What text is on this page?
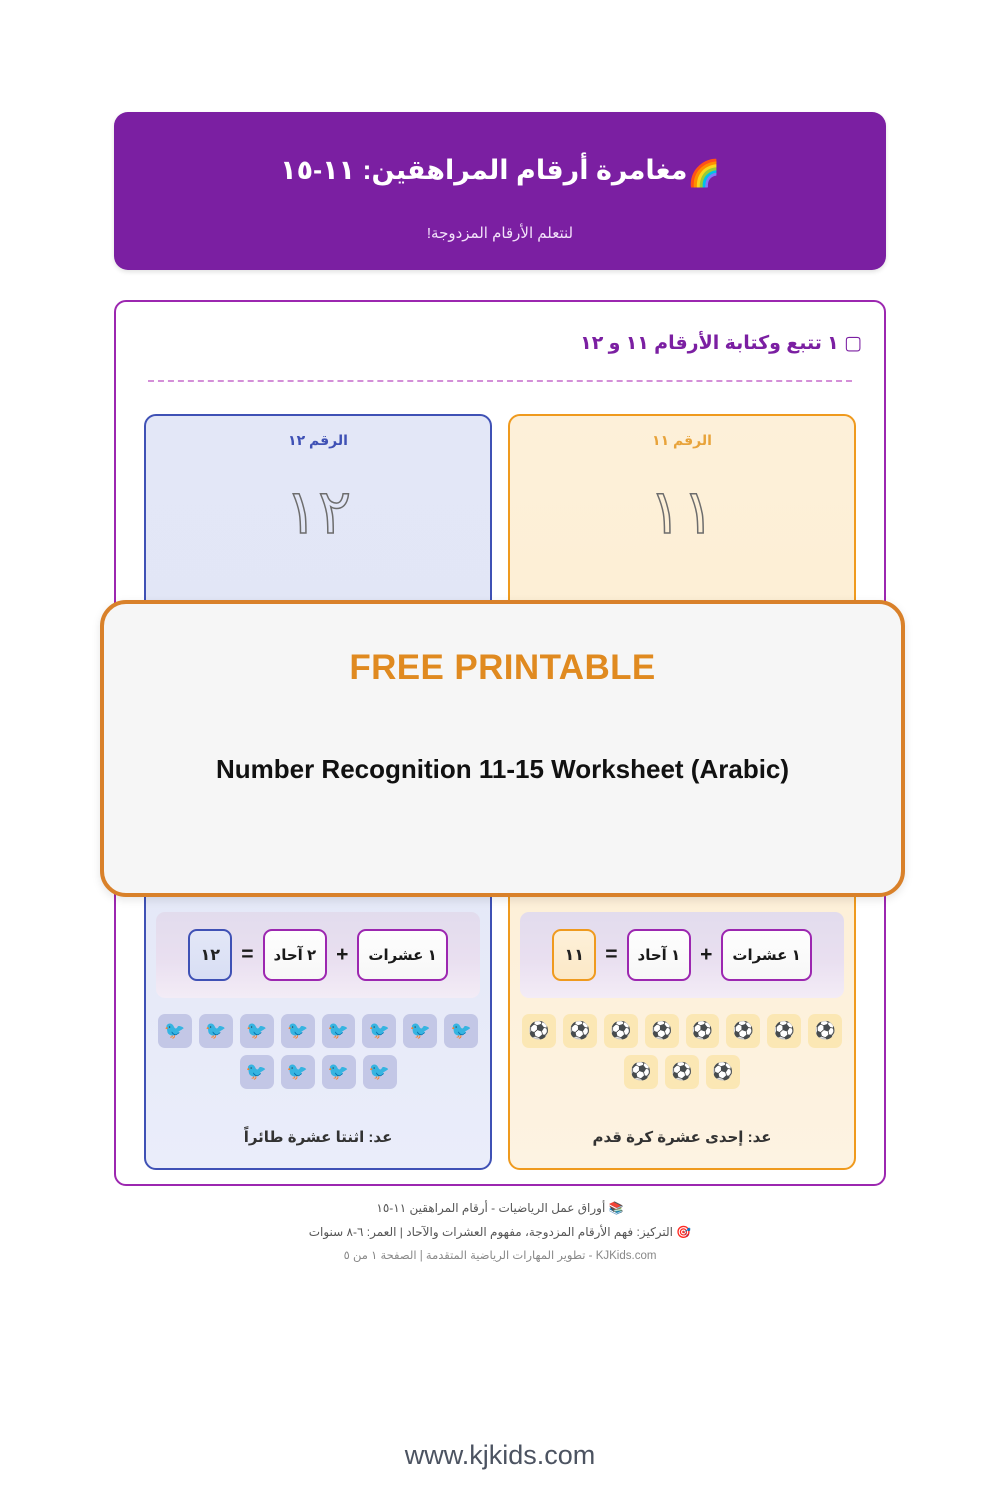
🌈مغامرة أرقام المراهقين: ١١-١٥
لنتعلم الأرقام المزدوجة!
▢ ١ تتبع وكتابة الأرقام ١١ و ١٢
الرقم ١١
١١
١ عشرات
+
١ آحاد
=
١١
⚽
⚽
⚽
⚽
⚽
⚽
⚽
⚽
⚽
⚽
⚽
عد: إحدى عشرة كرة قدم
الرقم ١٢
١٢
١ عشرات
+
٢ آحاد
=
١٢
🐦
🐦
🐦
🐦
🐦
🐦
🐦
🐦
🐦
🐦
🐦
🐦
عد: اثنتا عشرة طائراً
FREE PRINTABLE
Number Recognition 11-15 Worksheet (Arabic)
📚 أوراق عمل الرياضيات - أرقام المراهقين ١١-١٥
🎯 التركيز: فهم الأرقام المزدوجة، مفهوم العشرات والآحاد | العمر: ٦-٨ سنوات
KJKids.com - تطوير المهارات الرياضية المتقدمة | الصفحة ١ من ٥
www.kjkids.com
